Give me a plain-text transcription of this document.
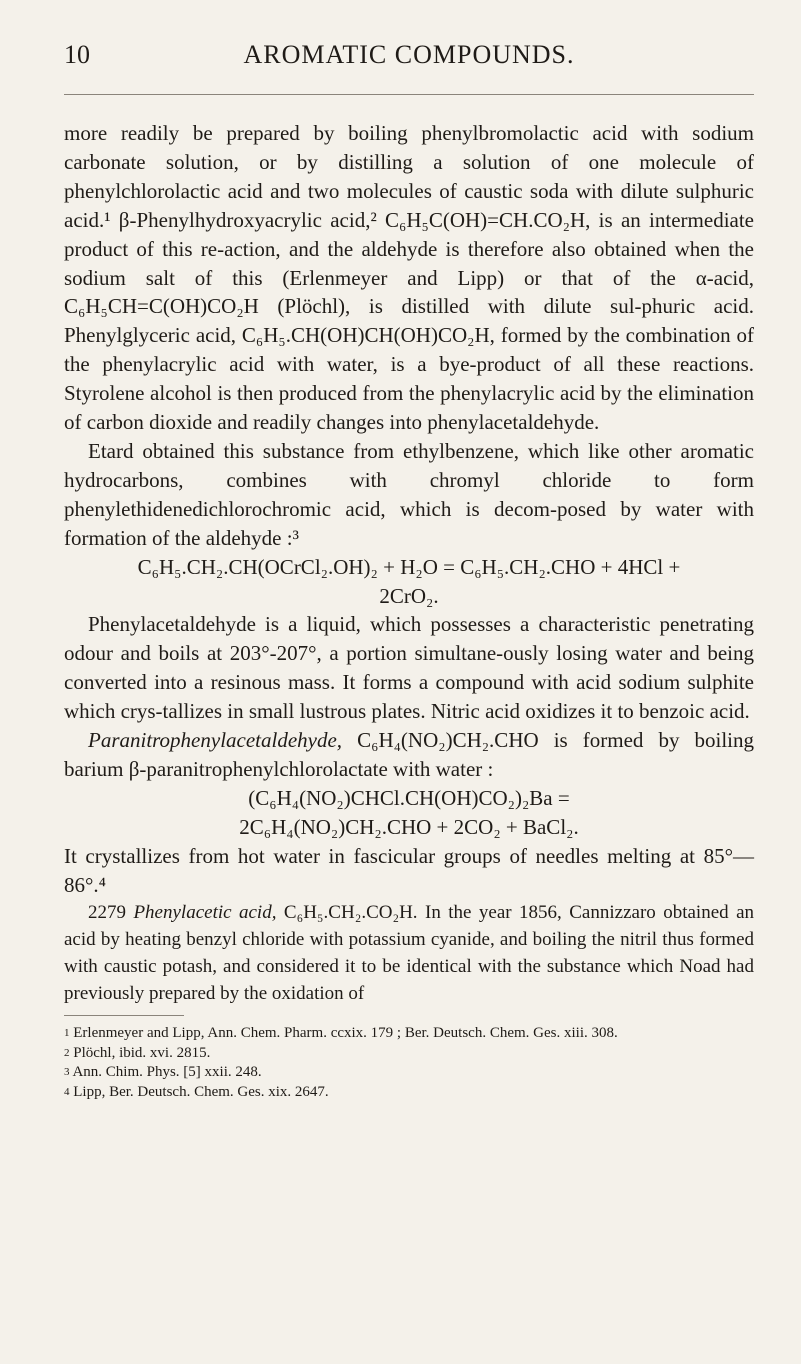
10	AROMATIC COMPOUNDS.

more readily be prepared by boiling phenylbromolactic acid with sodium carbonate solution, or by distilling a solution of one molecule of phenylchlorolactic acid and two molecules of caustic soda with dilute sulphuric acid.¹ β-Phenylhydroxyacrylic acid,² C₆H₅C(OH)=CH.CO₂H, is an intermediate product of this re-action, and the aldehyde is therefore also obtained when the sodium salt of this (Erlenmeyer and Lipp) or that of the α-acid, C₆H₅CH=C(OH)CO₂H (Plöchl), is distilled with dilute sul-phuric acid. Phenylglyceric acid, C₆H₅.CH(OH)CH(OH)CO₂H, formed by the combination of the phenylacrylic acid with water, is a bye-product of all these reactions. Styrolene alcohol is then produced from the phenylacrylic acid by the elimination of carbon dioxide and readily changes into phenylacetaldehyde.

Etard obtained this substance from ethylbenzene, which like other aromatic hydrocarbons, combines with chromyl chloride to form phenylethidenedichlorochromic acid, which is decom-posed by water with formation of the aldehyde :³

C₆H₅.CH₂.CH(OCrCl₂.OH)₂ + H₂O = C₆H₅.CH₂.CHO + 4HCl +

2CrO₂.

Phenylacetaldehyde is a liquid, which possesses a characteristic penetrating odour and boils at 203°-207°, a portion simultane-ously losing water and being converted into a resinous mass. It forms a compound with acid sodium sulphite which crys-tallizes in small lustrous plates. Nitric acid oxidizes it to benzoic acid.

Paranitrophenylacetaldehyde, C₆H₄(NO₂)CH₂.CHO is formed by boiling barium β-paranitrophenylchlorolactate with water :

(C₆H₄(NO₂)CHCl.CH(OH)CO₂)₂Ba =

2C₆H₄(NO₂)CH₂.CHO + 2CO₂ + BaCl₂.

It crystallizes from hot water in fascicular groups of needles melting at 85°—86°.⁴

2279 Phenylacetic acid, C₆H₅.CH₂.CO₂H. In the year 1856, Cannizzaro obtained an acid by heating benzyl chloride with potassium cyanide, and boiling the nitril thus formed with caustic potash, and considered it to be identical with the substance which Noad had previously prepared by the oxidation of

$^1$ Erlenmeyer and Lipp, Ann. Chem. Pharm. ccxix. 179 ; Ber. Deutsch. Chem. Ges. xiii. 308.

$^2$ Plöchl, ibid. xvi. 2815.

$^3$ Ann. Chim. Phys. [5] xxii. 248.

$^4$ Lipp, Ber. Deutsch. Chem. Ges. xix. 2647.
